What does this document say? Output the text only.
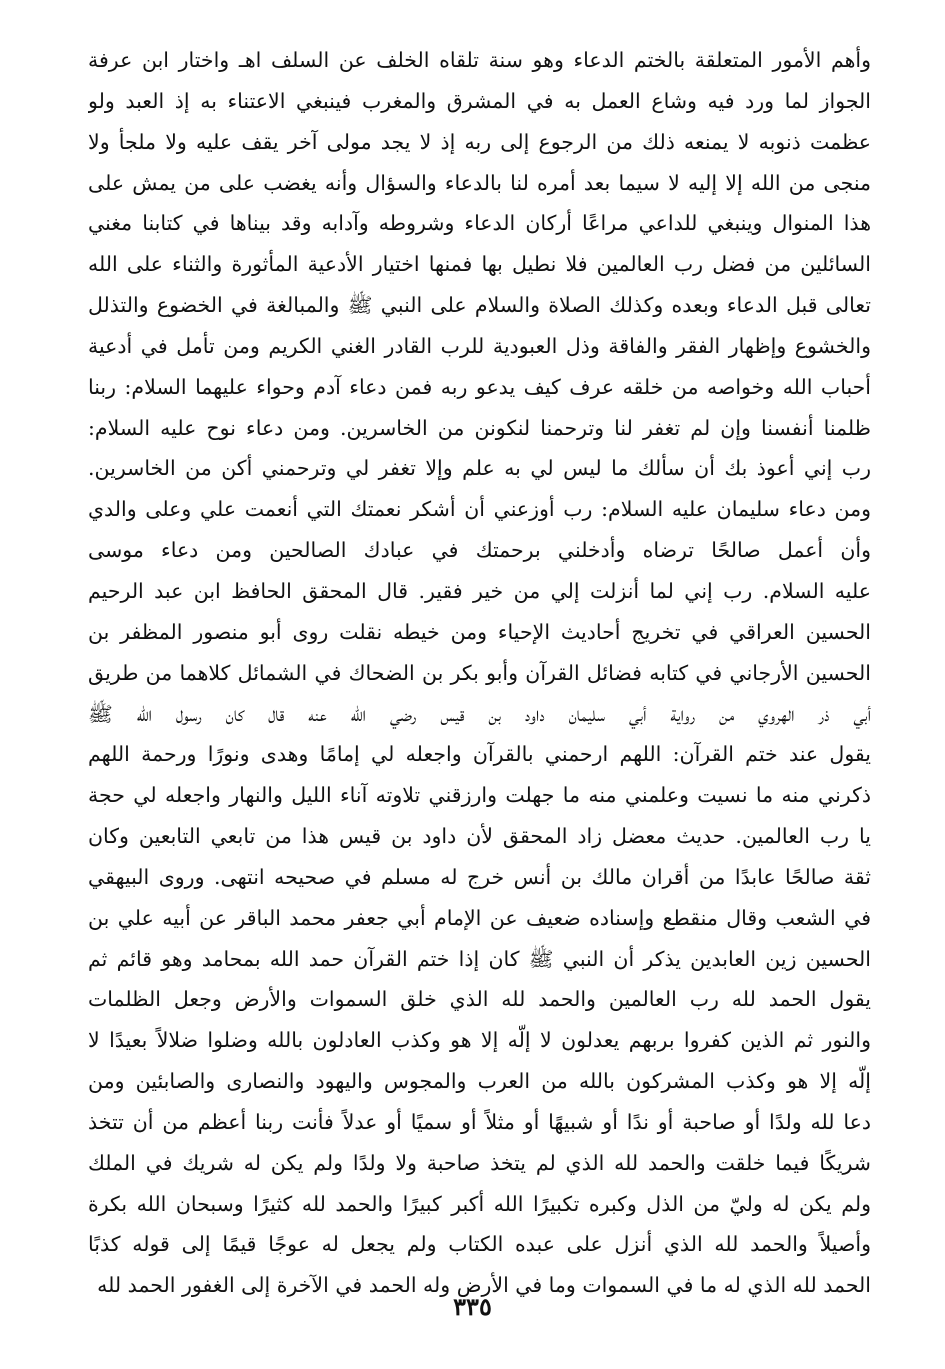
وأهم الأمور المتعلقة بالختم الدعاء وهو سنة تلقاه الخلف عن السلف اهـ واختار ابن عرفة
الجواز لما ورد فيه وشاع العمل به في المشرق والمغرب فينبغي الاعتناء به إذ العبد ولو
عظمت ذنوبه لا يمنعه ذلك من الرجوع إلى ربه إذ لا يجد مولى آخر يقف عليه ولا ملجأ ولا
منجى من الله إلا إليه لا سيما بعد أمره لنا بالدعاء والسؤال وأنه يغضب على من يمش على
هذا المنوال وينبغي للداعي مراعًا أركان الدعاء وشروطه وآدابه وقد بيناها في كتابنا مغني
السائلين من فضل رب العالمين فلا نطيل بها فمنها اختيار الأدعية المأثورة والثناء على الله
تعالى قبل الدعاء وبعده وكذلك الصلاة والسلام على النبي ﷺ والمبالغة في الخضوع والتذلل
والخشوع وإظهار الفقر والفاقة وذل العبودية للرب القادر الغني الكريم ومن تأمل في أدعية
أحباب الله وخواصه من خلقه عرف كيف يدعو ربه فمن دعاء آدم وحواء عليهما السلام: ربنا
ظلمنا أنفسنا وإن لم تغفر لنا وترحمنا لنكونن من الخاسرين. ومن دعاء نوح عليه السلام:
رب إني أعوذ بك أن سألك ما ليس لي به علم وإلا تغفر لي وترحمني أكن من الخاسرين.
ومن دعاء سليمان عليه السلام: رب أوزعني أن أشكر نعمتك التي أنعمت علي وعلى والدي
وأن أعمل صالحًا ترضاه وأدخلني برحمتك في عبادك الصالحين ومن دعاء موسى
عليه السلام. رب إني لما أنزلت إلي من خير فقير. قال المحقق الحافظ ابن عبد الرحيم
الحسين العراقي في تخريج أحاديث الإحياء ومن خيطه نقلت روى أبو منصور المظفر بن
الحسين الأرجاني في كتابه فضائل القرآن وأبو بكر بن الضحاك في الشمائل كلاهما من طريق
أبي ذر الهروي من رواية أبي سليمان داود بن قيس رضي الله عنه قال كان رسول الله ﷺ
يقول عند ختم القرآن: اللهم ارحمني بالقرآن واجعله لي إمامًا وهدى ونورًا ورحمة اللهم
ذكرني منه ما نسيت وعلمني منه ما جهلت وارزقني تلاوته آناء الليل والنهار واجعله لي حجة
يا رب العالمين. حديث معضل زاد المحقق لأن داود بن قيس هذا من تابعي التابعين وكان
ثقة صالحًا عابدًا من أقران مالك بن أنس خرج له مسلم في صحيحه انتهى. وروى البيهقي
في الشعب وقال منقطع وإسناده ضعيف عن الإمام أبي جعفر محمد الباقر عن أبيه علي بن
الحسين زين العابدين يذكر أن النبي ﷺ كان إذا ختم القرآن حمد الله بمحامد وهو قائم ثم
يقول الحمد لله رب العالمين والحمد لله الذي خلق السموات والأرض وجعل الظلمات
والنور ثم الذين كفروا بربهم يعدلون لا إلّه إلا هو وكذب العادلون بالله وضلوا ضلالاً بعيدًا لا
إلّه إلا هو وكذب المشركون بالله من العرب والمجوس واليهود والنصارى والصابئين ومن
دعا لله ولدًا أو صاحبة أو ندًا أو شبيهًا أو مثلاً أو سميًا أو عدلاً فأنت ربنا أعظم من أن تتخذ
شريكًا فيما خلقت والحمد لله الذي لم يتخذ صاحبة ولا ولدًا ولم يكن له شريك في الملك
ولم يكن له وليّ من الذل وكبره تكبيرًا الله أكبر كبيرًا والحمد لله كثيرًا وسبحان الله بكرة
وأصيلاً والحمد لله الذي أنزل على عبده الكتاب ولم يجعل له عوجًا قيمًا إلى قوله كذبًا
الحمد لله الذي له ما في السموات وما في الأرض وله الحمد في الآخرة إلى الغفور الحمد لله
٣٣٥
